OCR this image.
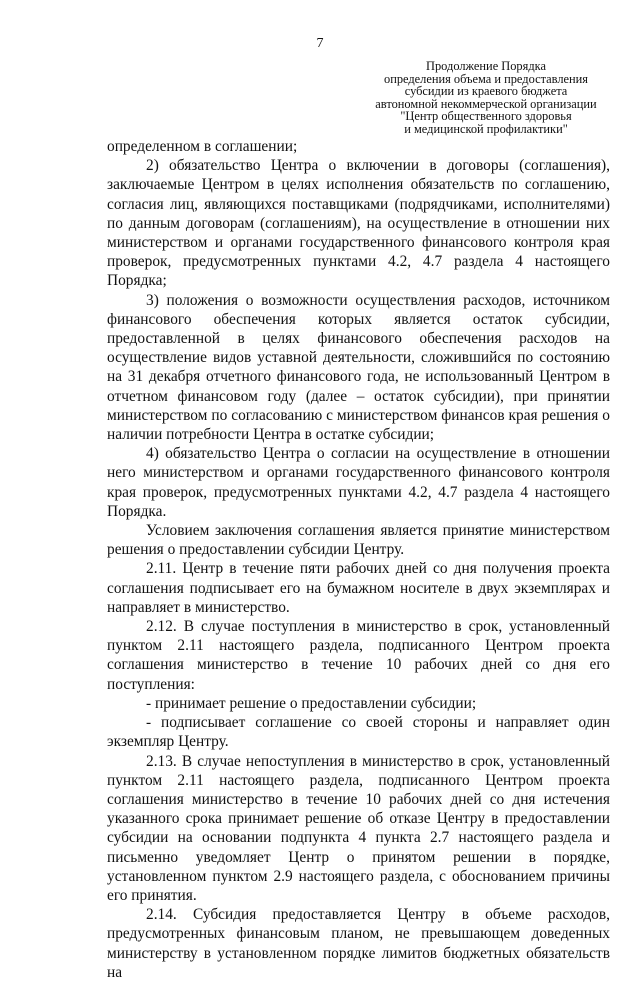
7
Продолжение Порядка
определения объема и предоставления
субсидии из краевого бюджета
автономной некоммерческой организации
"Центр общественного здоровья
и медицинской профилактики"

определенном в соглашении;

2) обязательство Центра о включении в договоры (соглашения), заключаемые Центром в целях исполнения обязательств по соглашению, согласия лиц, являющихся поставщиками (подрядчиками, исполнителями) по данным договорам (соглашениям), на осуществление в отношении них министерством и органами государственного финансового контроля края проверок, предусмотренных пунктами 4.2, 4.7 раздела 4 настоящего Порядка;

3) положения о возможности осуществления расходов, источником финансового обеспечения которых является остаток субсидии, предоставленной в целях финансового обеспечения расходов на осуществление видов уставной деятельности, сложившийся по состоянию на 31 декабря отчетного финансового года, не использованный Центром в отчетном финансовом году (далее – остаток субсидии), при принятии министерством по согласованию с министерством финансов края решения о наличии потребности Центра в остатке субсидии;

4) обязательство Центра о согласии на осуществление в отношении него министерством и органами государственного финансового контроля края проверок, предусмотренных пунктами 4.2, 4.7 раздела 4 настоящего Порядка.

Условием заключения соглашения является принятие министерством решения о предоставлении субсидии Центру.

2.11. Центр в течение пяти рабочих дней со дня получения проекта соглашения подписывает его на бумажном носителе в двух экземплярах и направляет в министерство.

2.12. В случае поступления в министерство в срок, установленный пунктом 2.11 настоящего раздела, подписанного Центром проекта соглашения министерство в течение 10 рабочих дней со дня его поступления:

- принимает решение о предоставлении субсидии;

- подписывает соглашение со своей стороны и направляет один экземпляр Центру.

2.13. В случае непоступления в министерство в срок, установленный пунктом 2.11 настоящего раздела, подписанного Центром проекта соглашения министерство в течение 10 рабочих дней со дня истечения указанного срока принимает решение об отказе Центру в предоставлении субсидии на основании подпункта 4 пункта 2.7 настоящего раздела и письменно уведомляет Центр о принятом решении в порядке, установленном пунктом 2.9 настоящего раздела, с обоснованием причины его принятия.

2.14. Субсидия предоставляется Центру в объеме расходов, предусмотренных финансовым планом, не превышающем доведенных министерству в установленном порядке лимитов бюджетных обязательств на
